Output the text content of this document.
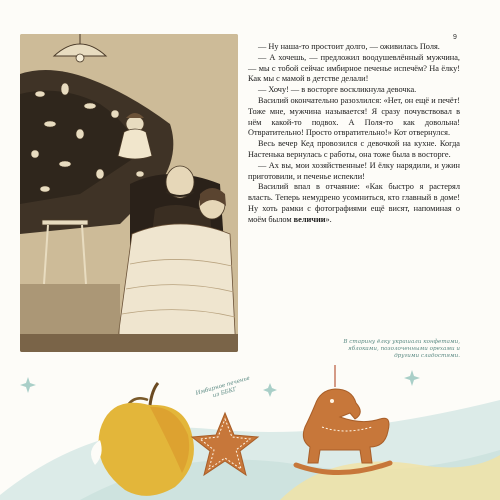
9

— Ну наша-то простоит долго, — оживилась Поля.

— А хочешь, — предложил воодушевлённый мужчина, — мы с тобой сейчас имбирное печенье испечём? На ёлку! Как мы с мамой в детстве делали!

— Хочу! — в восторге воскликнула девочка.

Василий окончательно разозлился: «Нет, он ещё и печёт! Тоже мне, мужчина называется! Я сразу почувствовал в нём какой-то подвох. А Поля-то как довольна! Отвратительно! Просто отвратительно!» Кот отвернулся.

Весь вечер Кед провозился с девочкой на кухне. Когда Настенька вернулась с работы, она тоже была в восторге.

— Ах вы, мои хозяйственные! И ёлку нарядили, и ужин приготовили, и печенье испекли!

Василий впал в отчаяние: «Как быстро я растерял власть. Теперь немудрено усомниться, кто главный в доме! Ну хоть рамки с фотографиями ещё висят, напоминая о моём былом величии».

В старину ёлку украшали конфетами, яблоками, позолоченными орехами и другими сладостями.
Имбирное печенье из ББКГ
